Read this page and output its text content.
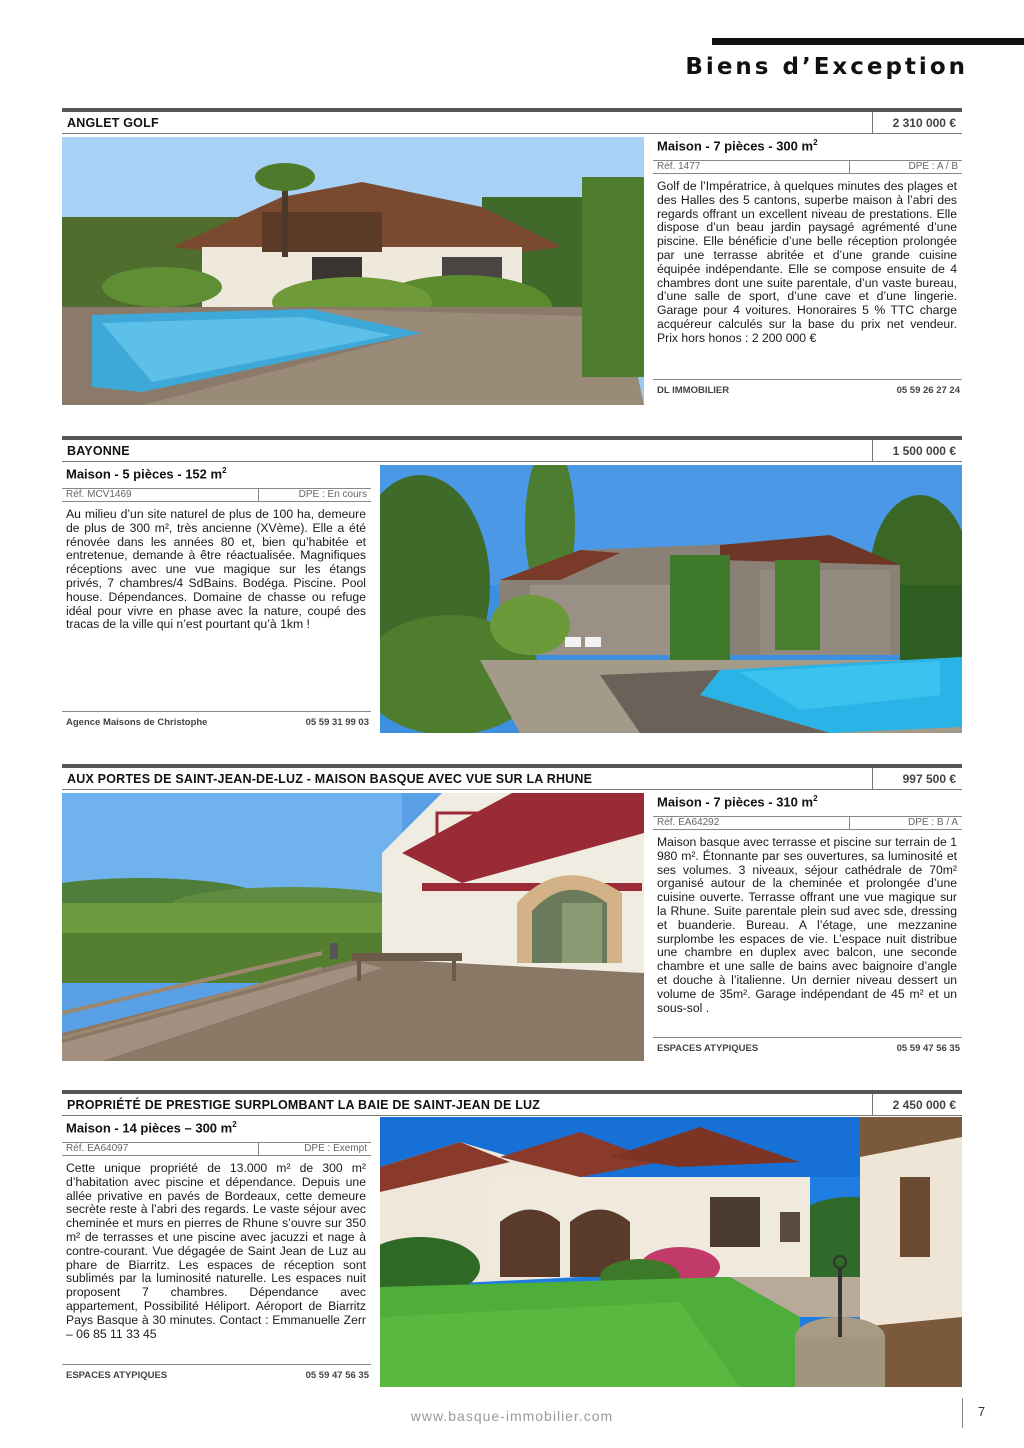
Biens d’Exception
ANGLET GOLF	2 310 000 €
Maison - 7 pièces - 300 $m^2$
Réf. 1477	DPE : A / B
Golf de l’Impératrice, à quelques minutes des plages et des Halles des 5 cantons, superbe maison à l’abri des regards offrant un excellent niveau de prestations. Elle dispose d’un beau jardin paysagé agrémenté d’une piscine. Elle bénéficie d’une belle réception prolongée par une terrasse abritée et d’une grande cuisine équipée indépendante. Elle se compose ensuite de 4 chambres dont une suite parentale, d’un vaste bureau, d’une salle de sport, d’une cave et d’une lingerie. Garage pour 4 voitures. Honoraires 5 % TTC charge acquéreur calculés sur la base du prix net vendeur. Prix hors honos : 2 200 000 €
DL IMMOBILIER	05 59 26 27 24
BAYONNE	1 500 000 €
Maison - 5 pièces - 152 $m^2$
Réf. MCV1469	DPE : En cours
Au milieu d’un site naturel de plus de 100 ha, demeure de plus de 300 m², très ancienne (XVème). Elle a été rénovée dans les années 80 et, bien qu’habitée et entretenue, demande à être réactualisée. Magnifiques réceptions avec une vue magique sur les étangs privés, 7 chambres/4 SdBains. Bodéga. Piscine. Pool house. Dépendances. Domaine de chasse ou refuge idéal pour vivre en phase avec la nature, coupé des tracas de la ville qui n’est pourtant qu’à 1km !
Agence Maisons de Christophe	05 59 31 99 03
AUX PORTES DE SAINT-JEAN-DE-LUZ - MAISON BASQUE AVEC VUE SUR LA RHUNE	997 500 €
Maison - 7 pièces - 310 $m^2$
Réf. EA64292	DPE : B / A
Maison basque avec terrasse et piscine sur terrain de 1 980 m². Étonnante par ses ouvertures, sa luminosité et ses volumes. 3 niveaux, séjour cathédrale de 70m² organisé autour de la cheminée et prolongée d’une cuisine ouverte. Terrasse offrant une vue magique sur la Rhune. Suite parentale plein sud avec sde, dressing et buanderie. Bureau. A l’étage, une mezzanine surplombe les espaces de vie. L’espace nuit distribue une chambre en duplex avec balcon, une seconde chambre et une salle de bains avec baignoire d’angle et douche à l’italienne. Un dernier niveau dessert un volume de 35m². Garage indépendant de 45 m² et un sous-sol .
ESPACES ATYPIQUES	05 59 47 56 35
PROPRIÉTÉ DE PRESTIGE SURPLOMBANT LA BAIE DE SAINT-JEAN DE LUZ	2 450 000 €
Maison - 14 pièces – 300 $m^2$
Réf. EA64097	DPE : Exempt
Cette unique propriété de 13.000 m² de 300 m² d’habitation avec piscine et dépendance. Depuis une allée privative en pavés de Bordeaux, cette demeure secrète reste à l’abri des regards. Le vaste séjour avec cheminée et murs en pierres de Rhune s’ouvre sur 350 m² de terrasses et une piscine avec jacuzzi et nage à contre-courant. Vue dégagée de Saint Jean de Luz au phare de Biarritz. Les espaces de réception sont sublimés par la luminosité naturelle. Les espaces nuit proposent 7 chambres. Dépendance avec appartement, Possibilité Héliport. Aéroport de Biarritz Pays Basque à 30 minutes. Contact : Emmanuelle Zerr – 06 85 11 33 45
ESPACES ATYPIQUES	05 59 47 56 35
www.basque-immobilier.com	7
